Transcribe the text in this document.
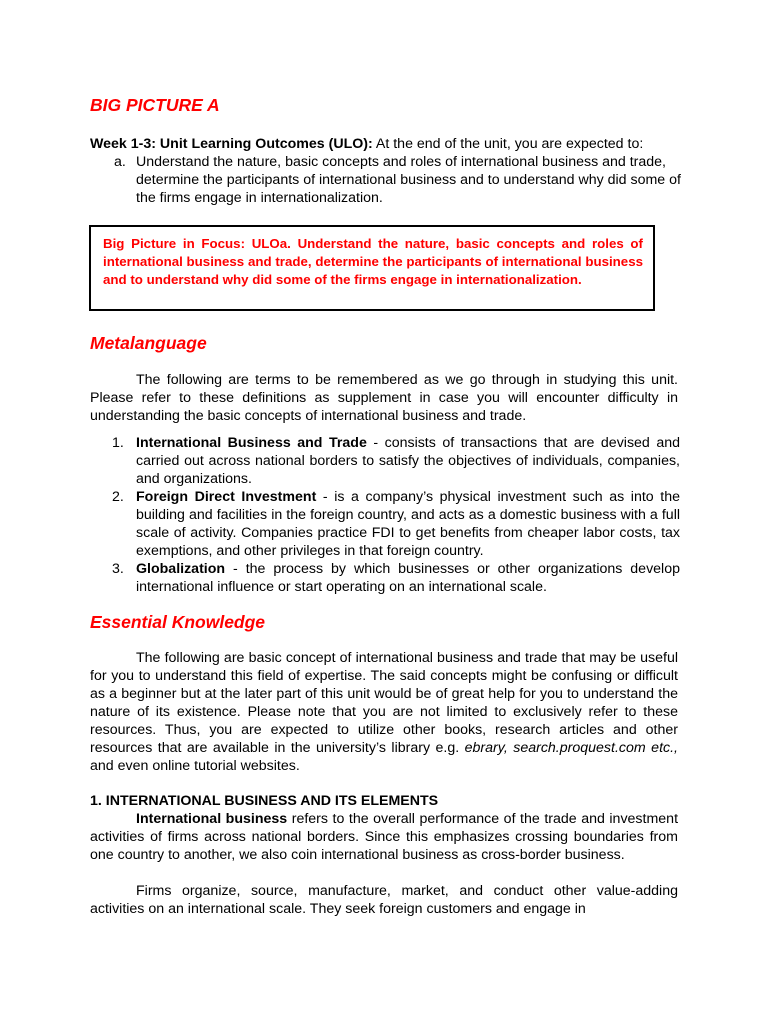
BIG PICTURE A

Week 1-3: Unit Learning Outcomes (ULO): At the end of the unit, you are expected to:

a. Understand the nature, basic concepts and roles of international business and trade, determine the participants of international business and to understand why did some of the firms engage in internationalization.

Big Picture in Focus: ULOa. Understand the nature, basic concepts and roles of international business and trade, determine the participants of international business and to understand why did some of the firms engage in internationalization.

Metalanguage

The following are terms to be remembered as we go through in studying this unit. Please refer to these definitions as supplement in case you will encounter difficulty in understanding the basic concepts of international business and trade.

1. International Business and Trade - consists of transactions that are devised and carried out across national borders to satisfy the objectives of individuals, companies, and organizations.
2. Foreign Direct Investment - is a company’s physical investment such as into the building and facilities in the foreign country, and acts as a domestic business with a full scale of activity. Companies practice FDI to get benefits from cheaper labor costs, tax exemptions, and other privileges in that foreign country.
3. Globalization - the process by which businesses or other organizations develop international influence or start operating on an international scale.
Essential Knowledge

The following are basic concept of international business and trade that may be useful for you to understand this field of expertise. The said concepts might be confusing or difficult as a beginner but at the later part of this unit would be of great help for you to understand the nature of its existence. Please note that you are not limited to exclusively refer to these resources. Thus, you are expected to utilize other books, research articles and other resources that are available in the university’s library e.g. ebrary, search.proquest.com etc., and even online tutorial websites.

1. INTERNATIONAL BUSINESS AND ITS ELEMENTS

International business refers to the overall performance of the trade and investment activities of firms across national borders. Since this emphasizes crossing boundaries from one country to another, we also coin international business as cross-border business.

Firms organize, source, manufacture, market, and conduct other value-adding activities on an international scale. They seek foreign customers and engage in
